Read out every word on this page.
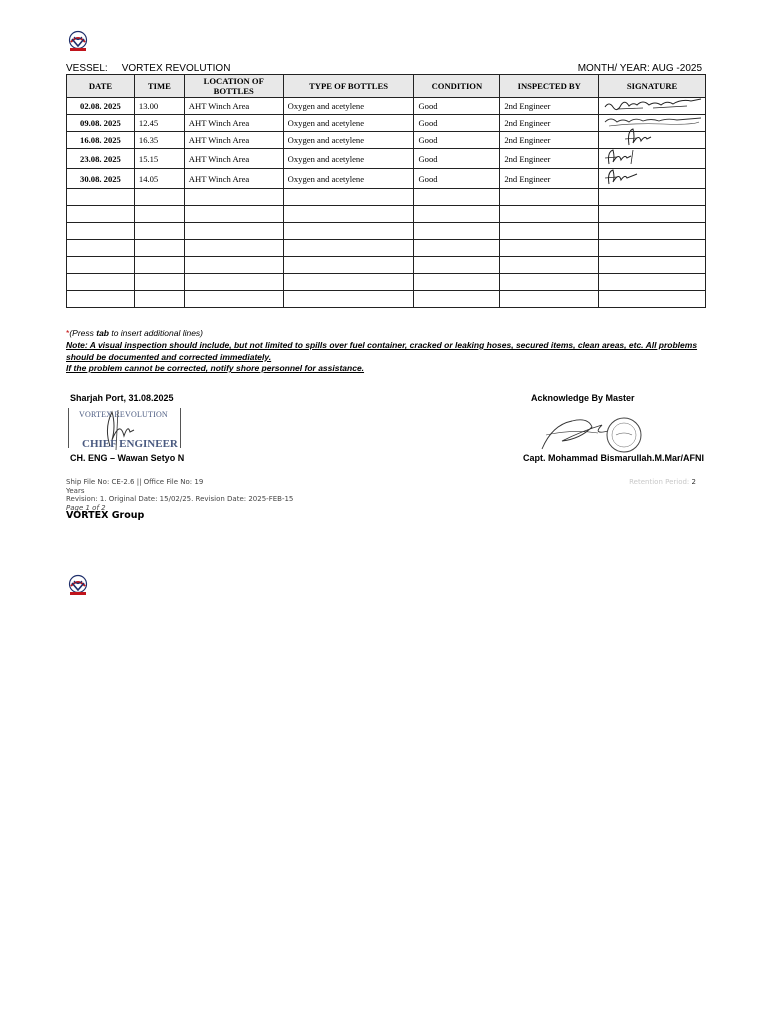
VESSEL: VORTEX REVOLUTION	MONTH/ YEAR: AUG -2025
DATE	TIME	LOCATION OF BOTTLES	TYPE OF BOTTLES	CONDITION	INSPECTED BY	SIGNATURE
02.08. 2025	13.00	AHT Winch Area	Oxygen and acetylene	Good	2nd Engineer	

09.08. 2025	12.45	AHT Winch Area	Oxygen and acetylene	Good	2nd Engineer	

16.08. 2025	16.35	AHT Winch Area	Oxygen and acetylene	Good	2nd Engineer	

23.08. 2025	15.15	AHT Winch Area	Oxygen and acetylene	Good	2nd Engineer	

30.08. 2025	14.05	AHT Winch Area	Oxygen and acetylene	Good	2nd Engineer	

*(Press tab to insert additional lines)
Note: A visual inspection should include, but not limited to spills over fuel container, cracked or leaking hoses, secured items, clean areas, etc. All problems should be documented and corrected immediately.
If the problem cannot be corrected, notify shore personnel for assistance.
Sharjah Port, 31.08.2025
VORTEX REVOLUTION
CHIEF ENGINEER
CH. ENG – Wawan Setyo N
Acknowledge By Master
Capt. Mohammad Bismarullah.M.Mar/AFNI
Ship File No: CE-2.6 || Office File No: 19
Years
Revision: 1. Original Date: 15/02/25. Revision Date: 2025-FEB-15
Page 1 of 2
VORTEX Group
Retention Period: 2
